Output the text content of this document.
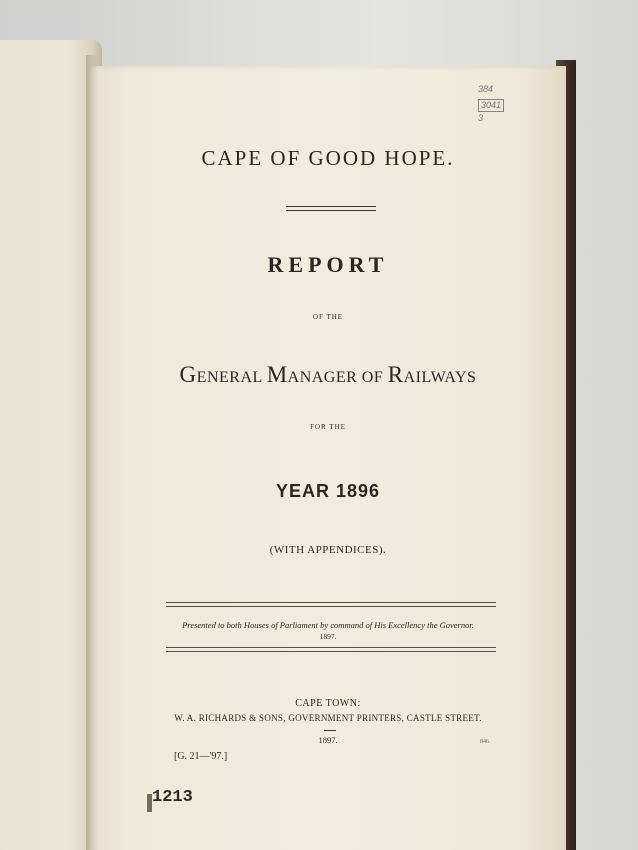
384
3041
3
CAPE OF GOOD HOPE.
REPORT
OF THE
GENERAL MANAGER OF RAILWAYS
FOR THE
YEAR 1896
(WITH APPENDICES).
Presented to both Houses of Parliament by command of His Excellency the Governor.
1897.
CAPE TOWN:
W. A. RICHARDS & SONS, GOVERNMENT PRINTERS, CASTLE STREET.
1897.
[G. 21—'97.]
846.
1213
